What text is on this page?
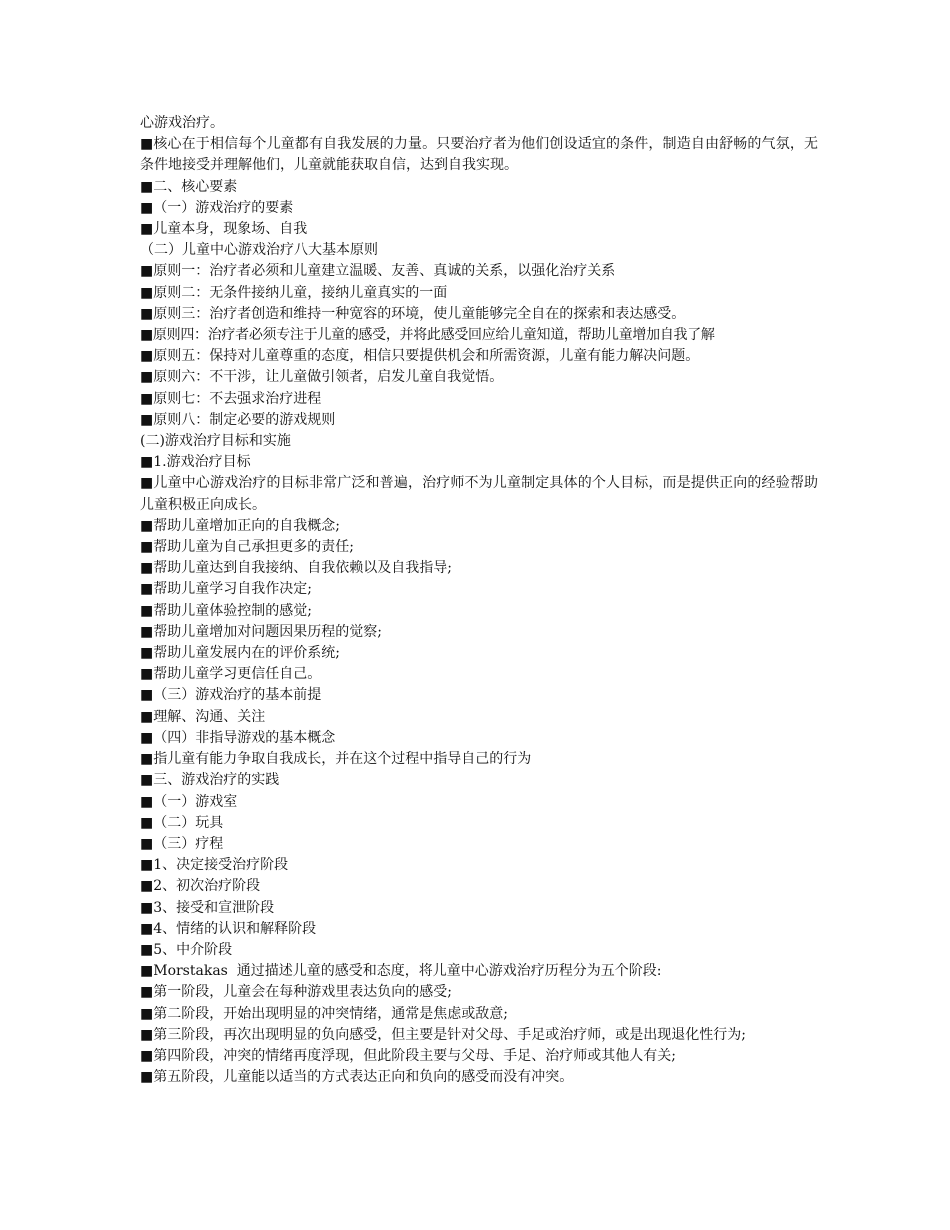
心游戏治疗。

■核心在于相信每个儿童都有自我发展的力量。只要治疗者为他们创设适宜的条件，制造自由舒畅的气氛，无条件地接受并理解他们，儿童就能获取自信，达到自我实现。

■二、核心要素

■（一）游戏治疗的要素

■儿童本身，现象场、自我

（二）儿童中心游戏治疗八大基本原则

■原则一：治疗者必须和儿童建立温暖、友善、真诚的关系，以强化治疗关系

■原则二：无条件接纳儿童，接纳儿童真实的一面

■原则三：治疗者创造和维持一种宽容的环境，使儿童能够完全自在的探索和表达感受。

■原则四：治疗者必须专注于儿童的感受，并将此感受回应给儿童知道，帮助儿童增加自我了解

■原则五：保持对儿童尊重的态度，相信只要提供机会和所需资源，儿童有能力解决问题。

■原则六：不干涉，让儿童做引领者，启发儿童自我觉悟。

■原则七：不去强求治疗进程

■原则八：制定必要的游戏规则

(二)游戏治疗目标和实施

■1.游戏治疗目标

■儿童中心游戏治疗的目标非常广泛和普遍，治疗师不为儿童制定具体的个人目标，而是提供正向的经验帮助儿童积极正向成长。

■帮助儿童增加正向的自我概念;

■帮助儿童为自己承担更多的责任;

■帮助儿童达到自我接纳、自我依赖以及自我指导;

■帮助儿童学习自我作决定;

■帮助儿童体验控制的感觉;

■帮助儿童增加对问题因果历程的觉察;

■帮助儿童发展内在的评价系统;

■帮助儿童学习更信任自己。

■（三）游戏治疗的基本前提

■理解、沟通、关注

■（四）非指导游戏的基本概念

■指儿童有能力争取自我成长，并在这个过程中指导自己的行为

■三、游戏治疗的实践

■（一）游戏室

■（二）玩具

■（三）疗程

■1、决定接受治疗阶段

■2、初次治疗阶段

■3、接受和宣泄阶段

■4、情绪的认识和解释阶段

■5、中介阶段

■Morstakas  通过描述儿童的感受和态度，将儿童中心游戏治疗历程分为五个阶段:

■第一阶段，儿童会在每种游戏里表达负向的感受;

■第二阶段，开始出现明显的冲突情绪，通常是焦虑或敌意;

■第三阶段，再次出现明显的负向感受，但主要是针对父母、手足或治疗师，或是出现退化性行为;

■第四阶段，冲突的情绪再度浮现，但此阶段主要与父母、手足、治疗师或其他人有关;

■第五阶段，儿童能以适当的方式表达正向和负向的感受而没有冲突。
